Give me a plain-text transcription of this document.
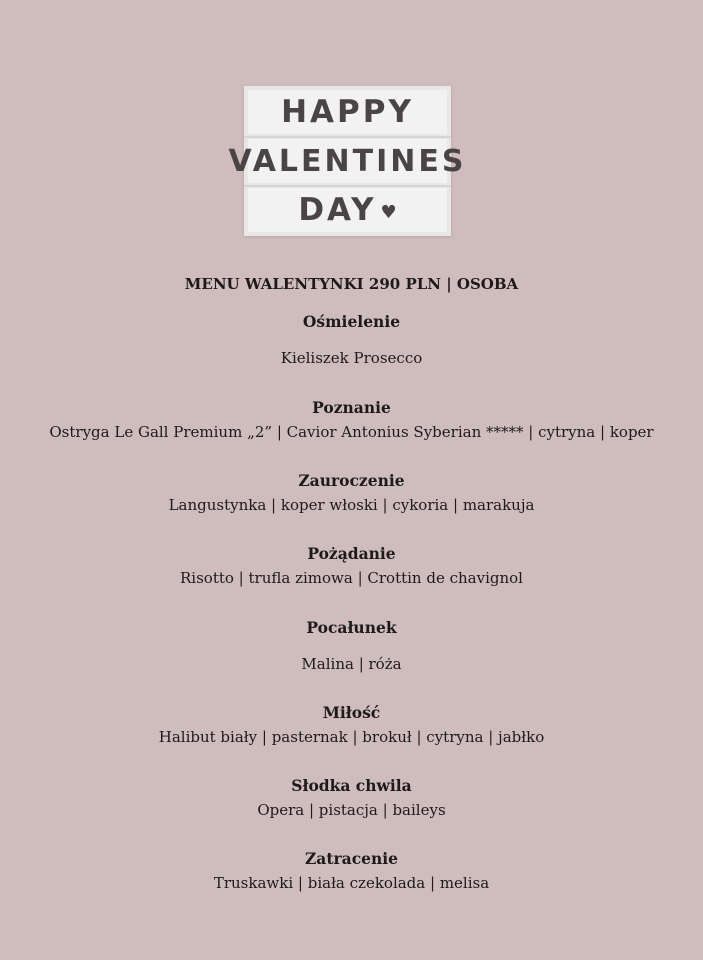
HAPPY
VALENTINES
DAY ♥
MENU WALENTYNKI 290 PLN | OSOBA
Ośmielenie
Kieliszek Prosecco
Poznanie
Ostryga Le Gall Premium „2” | Cavior Antonius Syberian ***** | cytryna | koper
Zauroczenie
Langustynka | koper włoski | cykoria | marakuja
Pożądanie
Risotto | trufla zimowa | Crottin de chavignol
Pocałunek
Malina | róża
Miłość
Halibut biały | pasternak | brokuł | cytryna | jabłko
Słodka chwila
Opera | pistacja | baileys
Zatracenie
Truskawki | biała czekolada | melisa
